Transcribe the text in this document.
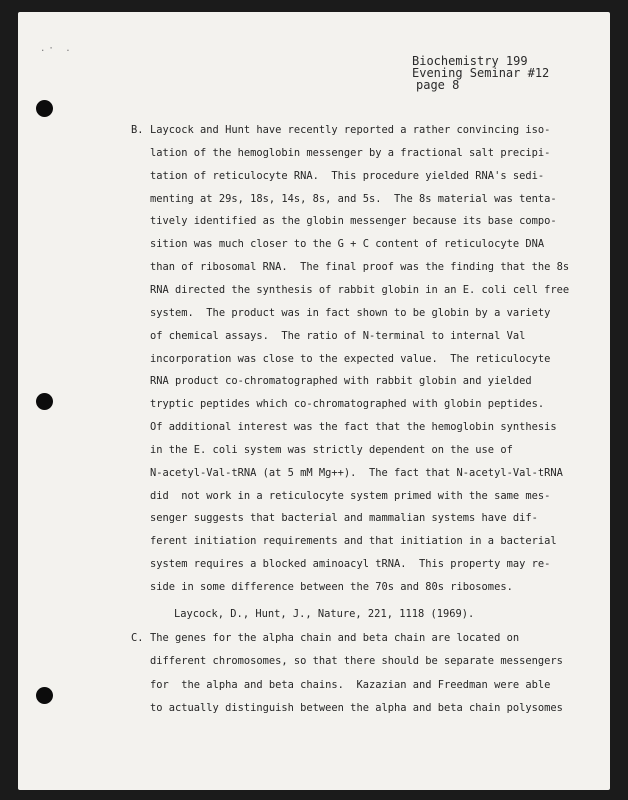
.· .
Biochemistry 199
Evening Seminar #12
page 8
B. Laycock and Hunt have recently reported a rather convincing iso-
lation of the hemoglobin messenger by a fractional salt precipi-
tation of reticulocyte RNA.  This procedure yielded RNA's sedi-
menting at 29s, 18s, 14s, 8s, and 5s.  The 8s material was tenta-
tively identified as the globin messenger because its base compo-
sition was much closer to the G + C content of reticulocyte DNA
than of ribosomal RNA.  The final proof was the finding that the 8s
RNA directed the synthesis of rabbit globin in an E. coli cell free
system.  The product was in fact shown to be globin by a variety
of chemical assays.  The ratio of N-terminal to internal Val
incorporation was close to the expected value.  The reticulocyte
RNA product co-chromatographed with rabbit globin and yielded
tryptic peptides which co-chromatographed with globin peptides.
Of additional interest was the fact that the hemoglobin synthesis
in the E. coli system was strictly dependent on the use of
N-acetyl-Val-tRNA (at 5 mM Mg++).  The fact that N-acetyl-Val-tRNA
did  not work in a reticulocyte system primed with the same mes-
senger suggests that bacterial and mammalian systems have dif-
ferent initiation requirements and that initiation in a bacterial
system requires a blocked aminoacyl tRNA.  This property may re-
side in some difference between the 70s and 80s ribosomes.
Laycock, D., Hunt, J., Nature, 221, 1118 (1969).
C. The genes for the alpha chain and beta chain are located on
different chromosomes, so that there should be separate messengers
for  the alpha and beta chains.  Kazazian and Freedman were able
to actually distinguish between the alpha and beta chain polysomes
